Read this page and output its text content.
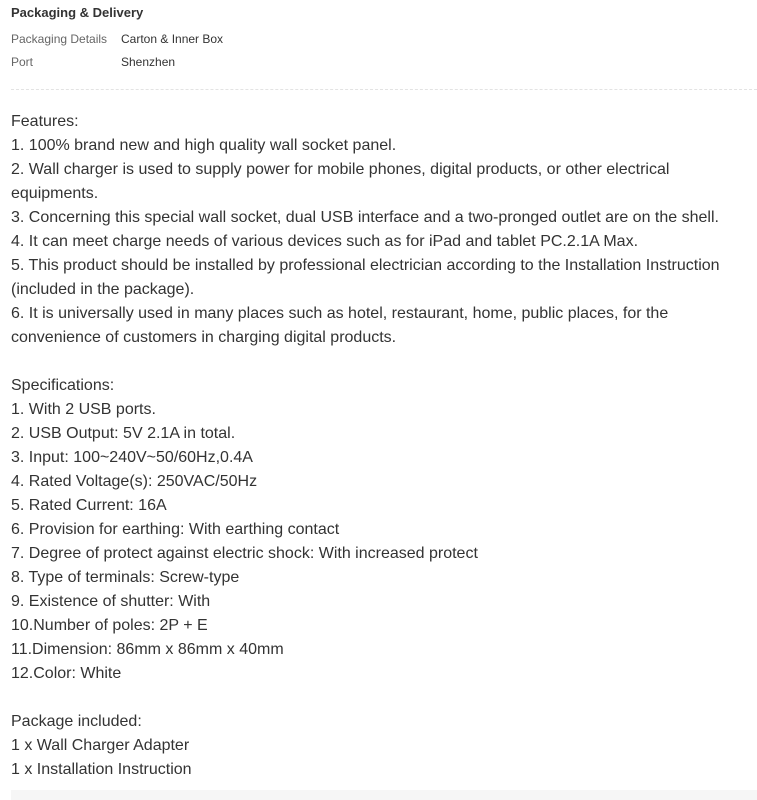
Packaging & Delivery

Packaging Details Carton & Inner Box
Port	Shenzhen

Features:

1. 100% brand new and high quality wall socket panel.

2. Wall charger is used to supply power for mobile phones, digital products, or other electrical equipments.

3. Concerning this special wall socket, dual USB interface and a two-pronged outlet are on the shell.

4. It can meet charge needs of various devices such as for iPad and tablet PC.2.1A Max.

5. This product should be installed by professional electrician according to the Installation Instruction (included in the package).

6. It is universally used in many places such as hotel, restaurant, home, public places, for the convenience of customers in charging digital products.

Specifications:

1. With 2 USB ports.

2. USB Output: 5V 2.1A in total.

3. Input: 100~240V~50/60Hz,0.4A

4. Rated Voltage(s): 250VAC/50Hz

5. Rated Current: 16A

6. Provision for earthing: With earthing contact

7. Degree of protect against electric shock: With increased protect

8. Type of terminals: Screw-type

9. Existence of shutter: With

10.Number of poles: 2P + E

11.Dimension: 86mm x 86mm x 40mm

12.Color: White

Package included:

1 x Wall Charger Adapter

1 x Installation Instruction
